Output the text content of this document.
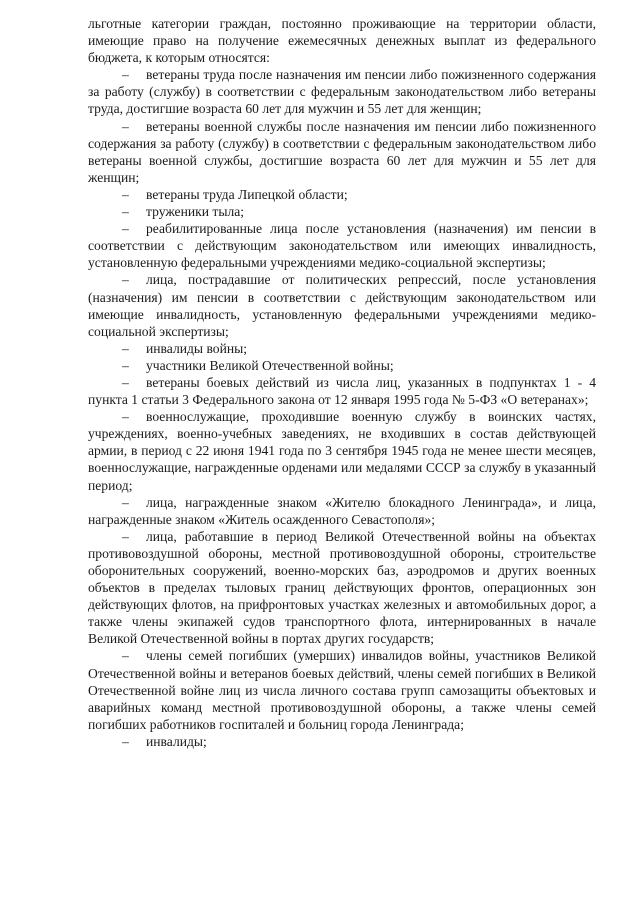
льготные категории граждан, постоянно проживающие на территории области, имеющие право на получение ежемесячных денежных выплат из федерального бюджета, к которым относятся:

– ветераны труда после назначения им пенсии либо пожизненного содержания за работу (службу) в соответствии с федеральным законодательством либо ветераны труда, достигшие возраста 60 лет для мужчин и 55 лет для женщин;

– ветераны военной службы после назначения им пенсии либо пожизненного содержания за работу (службу) в соответствии с федеральным законодательством либо ветераны военной службы, достигшие возраста 60 лет для мужчин и 55 лет для женщин;

– ветераны труда Липецкой области;

– труженики тыла;

– реабилитированные лица после установления (назначения) им пенсии в соответствии с действующим законодательством или имеющих инвалидность, установленную федеральными учреждениями медико-социальной экспертизы;

– лица, пострадавшие от политических репрессий, после установления (назначения) им пенсии в соответствии с действующим законодательством или имеющие инвалидность, установленную федеральными учреждениями медико-социальной экспертизы;

– инвалиды войны;

– участники Великой Отечественной войны;

– ветераны боевых действий из числа лиц, указанных в подпунктах 1 - 4 пункта 1 статьи 3 Федерального закона от 12 января 1995 года № 5-ФЗ «О ветеранах»;

– военнослужащие, проходившие военную службу в воинских частях, учреждениях, военно-учебных заведениях, не входивших в состав действующей армии, в период с 22 июня 1941 года по 3 сентября 1945 года не менее шести месяцев, военнослужащие, награжденные орденами или медалями СССР за службу в указанный период;

– лица, награжденные знаком «Жителю блокадного Ленинграда», и лица, награжденные знаком «Житель осажденного Севастополя»;

– лица, работавшие в период Великой Отечественной войны на объектах противовоздушной обороны, местной противовоздушной обороны, строительстве оборонительных сооружений, военно-морских баз, аэродромов и других военных объектов в пределах тыловых границ действующих фронтов, операционных зон действующих флотов, на прифронтовых участках железных и автомобильных дорог, а также члены экипажей судов транспортного флота, интернированных в начале Великой Отечественной войны в портах других государств;

– члены семей погибших (умерших) инвалидов войны, участников Великой Отечественной войны и ветеранов боевых действий, члены семей погибших в Великой Отечественной войне лиц из числа личного состава групп самозащиты объектовых и аварийных команд местной противовоздушной обороны, а также члены семей погибших работников госпиталей и больниц города Ленинграда;

– инвалиды;
